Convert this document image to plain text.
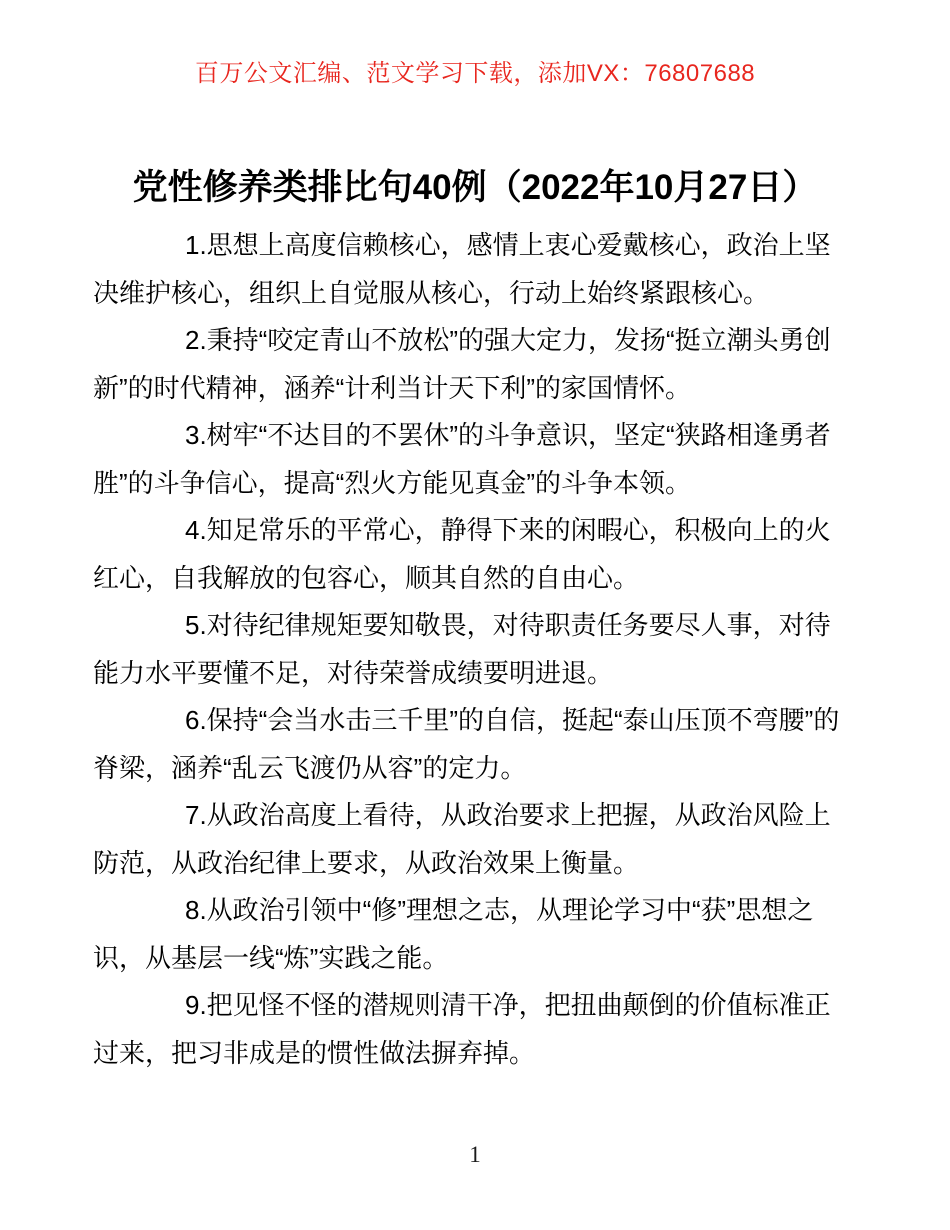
百万公文汇编、范文学习下载，添加VX：76807688
党性修养类排比句40例（2022年10月27日）

1.思想上高度信赖核心，感情上衷心爱戴核心，政治上坚决维护核心，组织上自觉服从核心，行动上始终紧跟核心。

2.秉持“咬定青山不放松”的强大定力，发扬“挺立潮头勇创新”的时代精神，涵养“计利当计天下利”的家国情怀。

3.树牢“不达目的不罢休”的斗争意识，坚定“狭路相逢勇者胜”的斗争信心，提高“烈火方能见真金”的斗争本领。

4.知足常乐的平常心，静得下来的闲暇心，积极向上的火红心，自我解放的包容心，顺其自然的自由心。

5.对待纪律规矩要知敬畏，对待职责任务要尽人事，对待能力水平要懂不足，对待荣誉成绩要明进退。

6.保持“会当水击三千里”的自信，挺起“泰山压顶不弯腰”的脊梁，涵养“乱云飞渡仍从容”的定力。

7.从政治高度上看待，从政治要求上把握，从政治风险上防范，从政治纪律上要求，从政治效果上衡量。

8.从政治引领中“修”理想之志，从理论学习中“获”思想之识，从基层一线“炼”实践之能。

9.把见怪不怪的潜规则清干净，把扭曲颠倒的价值标准正过来，把习非成是的惯性做法摒弃掉。

1
